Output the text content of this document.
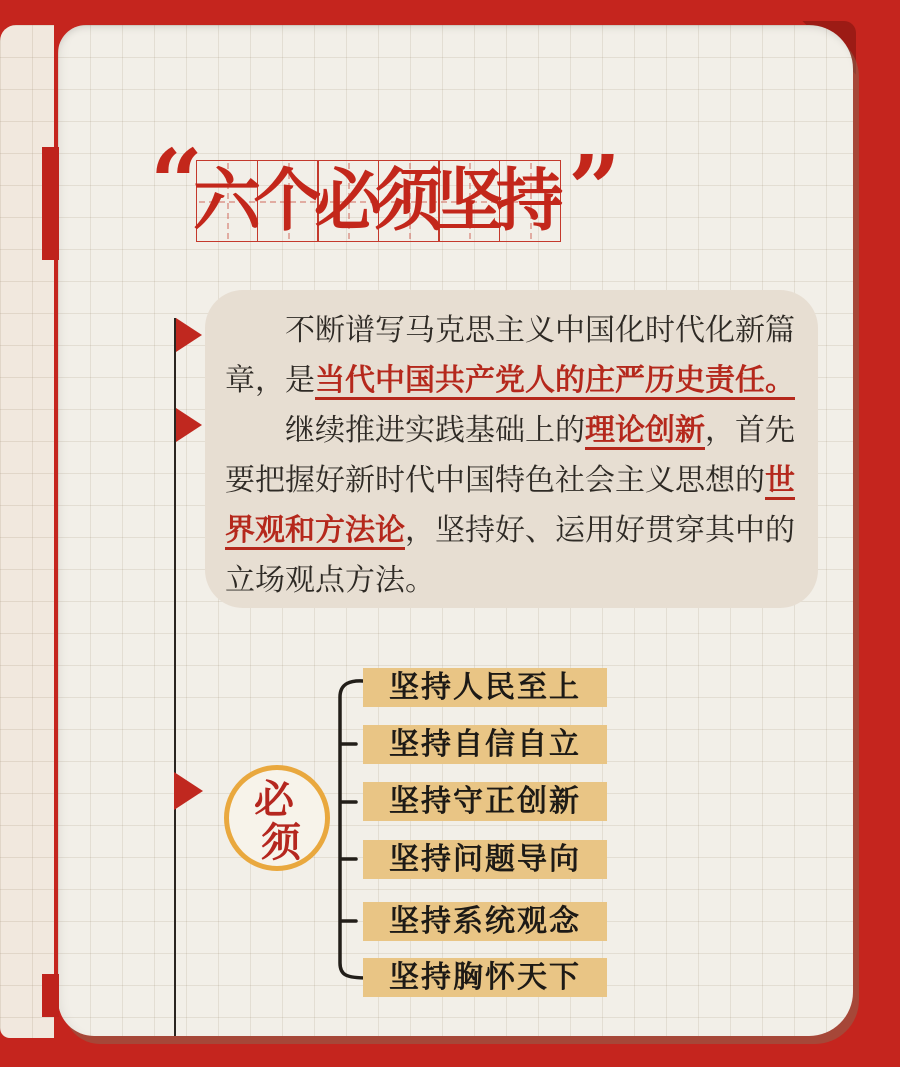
“
六
个
必
须
坚
持 ”

不断谱写马克思主义中国化时代化新篇章，是当代中国共产党人的庄严历史责任。

继续推进实践基础上的理论创新，首先要把握好新时代中国特色社会主义思想的世界观和方法论，坚持好、运用好贯穿其中的立场观点方法。

必
须
坚持人民至上
坚持自信自立
坚持守正创新
坚持问题导向
坚持系统观念
坚持胸怀天下
